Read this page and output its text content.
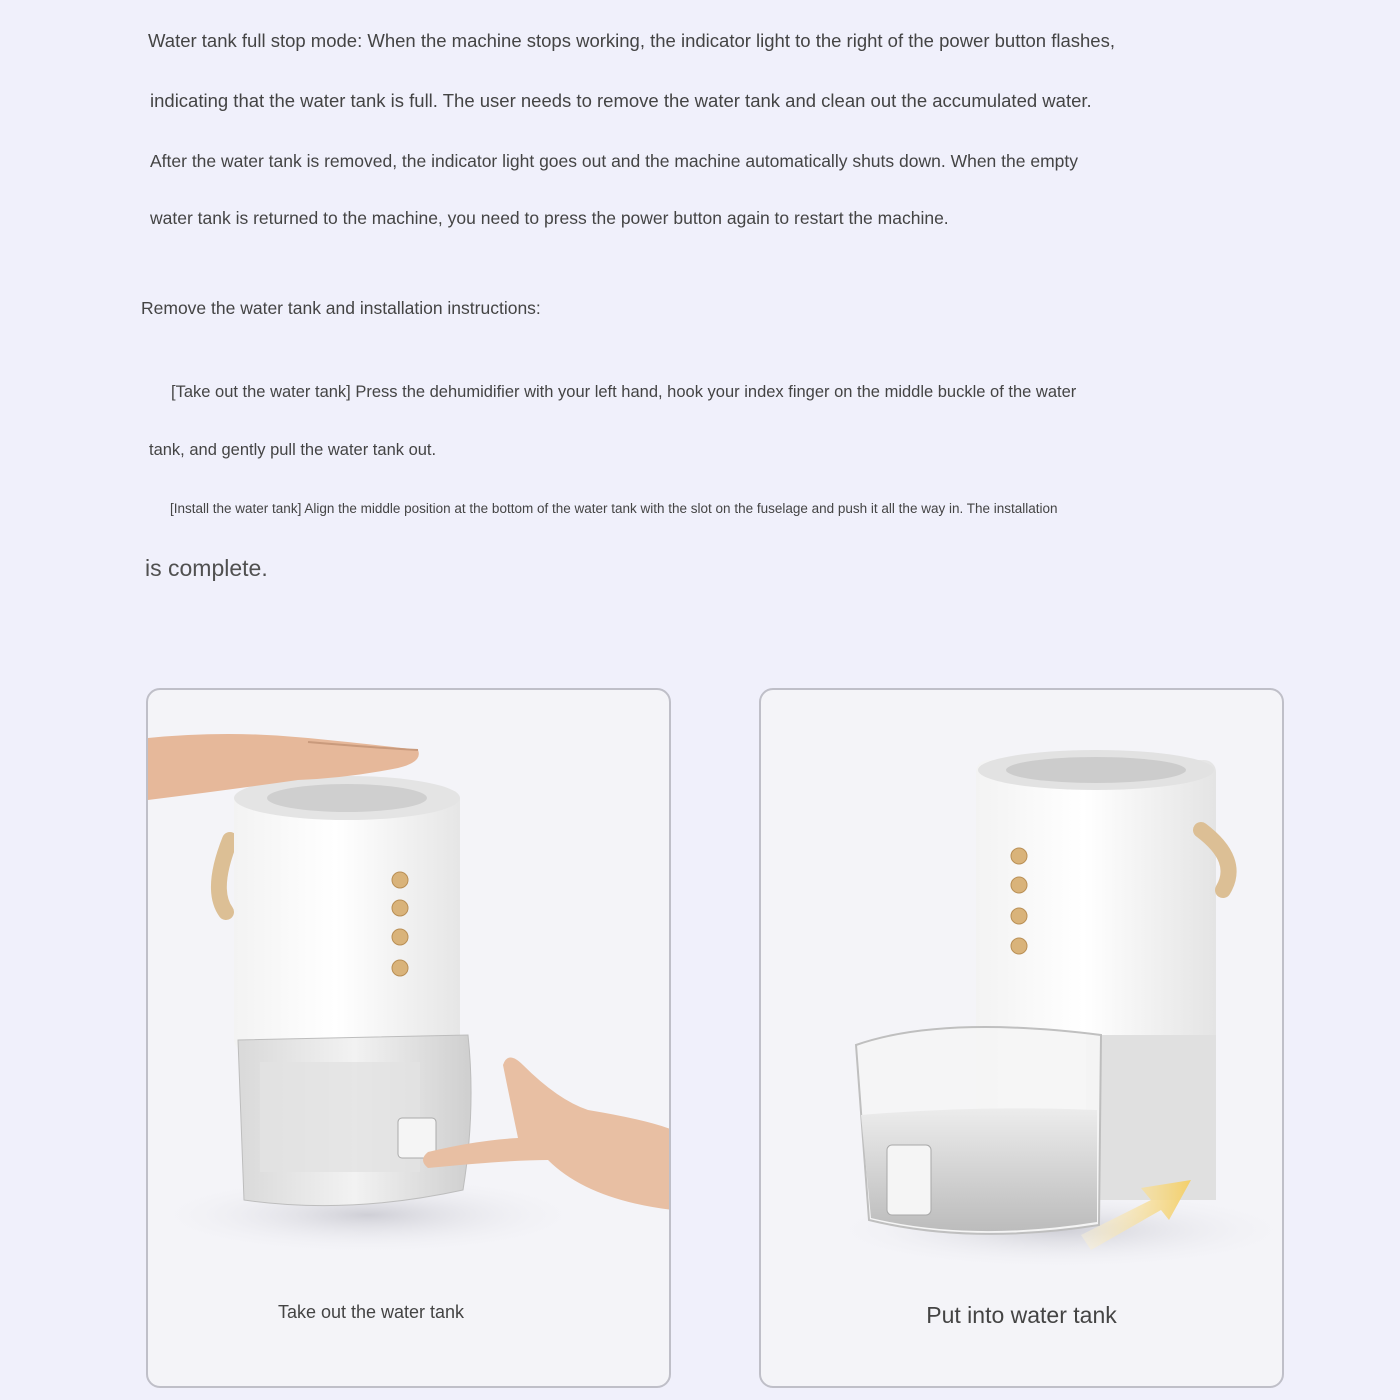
Water tank full stop mode: When the machine stops working, the indicator light to the right of the power button flashes,
indicating that the water tank is full. The user needs to remove the water tank and clean out the accumulated water.
After the water tank is removed, the indicator light goes out and the machine automatically shuts down. When the empty
water tank is returned to the machine, you need to press the power button again to restart the machine.
Remove the water tank and installation instructions:
[Take out the water tank] Press the dehumidifier with your left hand, hook your index finger on the middle buckle of the water
tank, and gently pull the water tank out.
[Install the water tank] Align the middle position at the bottom of the water tank with the slot on the fuselage and push it all the way in. The installation
is complete.
Take out the water tank	Put into water tank
